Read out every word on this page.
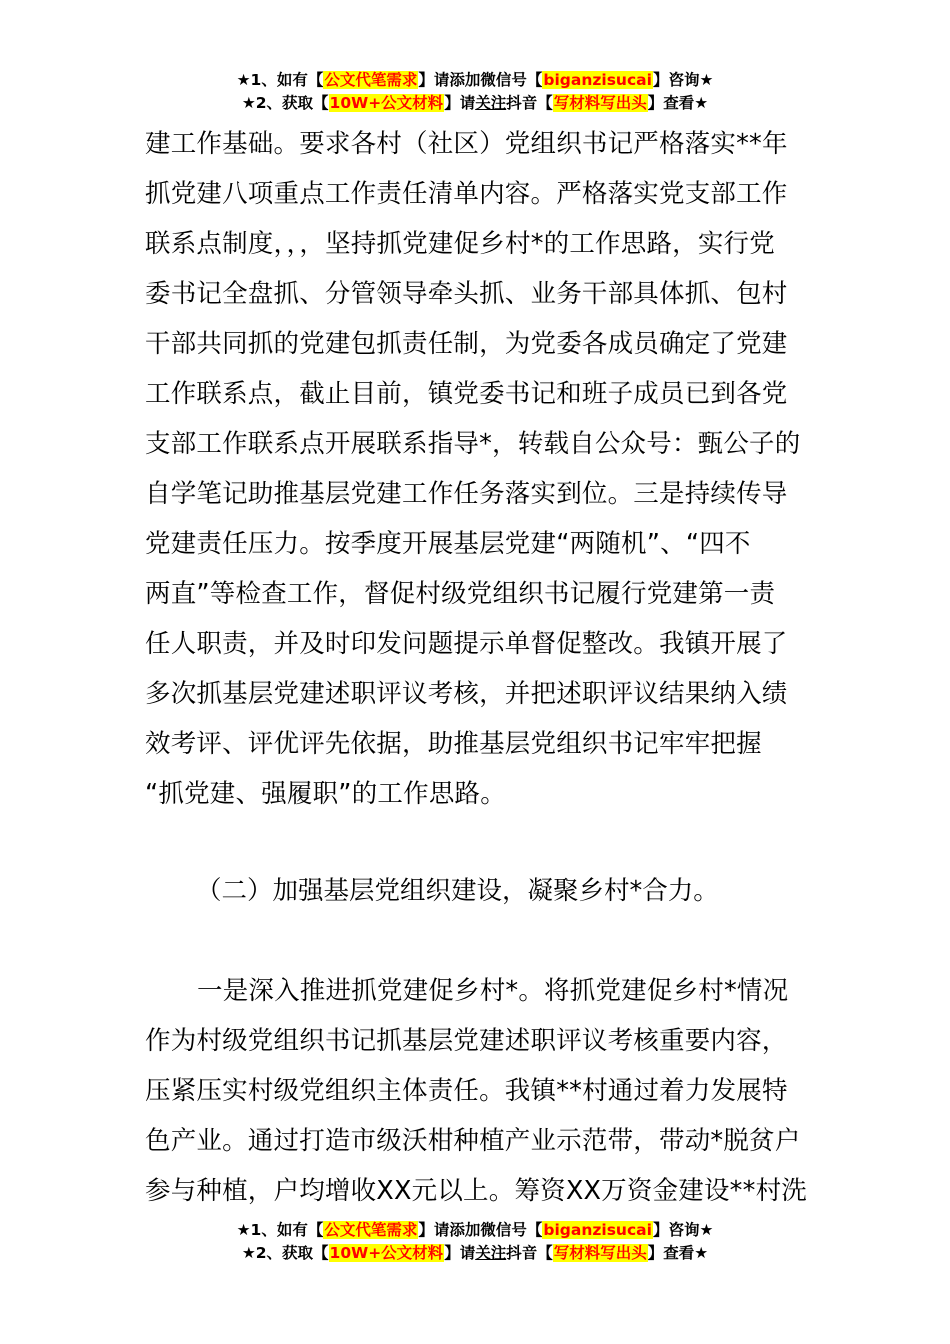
★1、如有【公文代笔需求】请添加微信号【biganzisucai】咨询★
★2、获取【10W+公文材料】请关注抖音【写材料写出头】查看★
建工作基础。要求各村（社区）党组织书记严格落实**年
抓党建八项重点工作责任清单内容。严格落实党支部工作
联系点制度，，，坚持抓党建促乡村*的工作思路，实行党
委书记全盘抓、分管领导牵头抓、业务干部具体抓、包村
干部共同抓的党建包抓责任制，为党委各成员确定了党建
工作联系点，截止目前，镇党委书记和班子成员已到各党
支部工作联系点开展联系指导*，转载自公众号：甄公子的
自学笔记助推基层党建工作任务落实到位。三是持续传导
党建责任压力。按季度开展基层党建“两随机”、“四不
两直”等检查工作，督促村级党组织书记履行党建第一责
任人职责，并及时印发问题提示单督促整改。我镇开展了
多次抓基层党建述职评议考核，并把述职评议结果纳入绩
效考评、评优评先依据，助推基层党组织书记牢牢把握
“抓党建、强履职”的工作思路。
（二）加强基层党组织建设，凝聚乡村*合力。
一是深入推进抓党建促乡村*。将抓党建促乡村*情况
作为村级党组织书记抓基层党建述职评议考核重要内容，
压紧压实村级党组织主体责任。我镇**村通过着力发展特
色产业。通过打造市级沃柑种植产业示范带，带动*脱贫户
参与种植，户均增收XX元以上。筹资XX万资金建设**村洗
★1、如有【公文代笔需求】请添加微信号【biganzisucai】咨询★
★2、获取【10W+公文材料】请关注抖音【写材料写出头】查看★
